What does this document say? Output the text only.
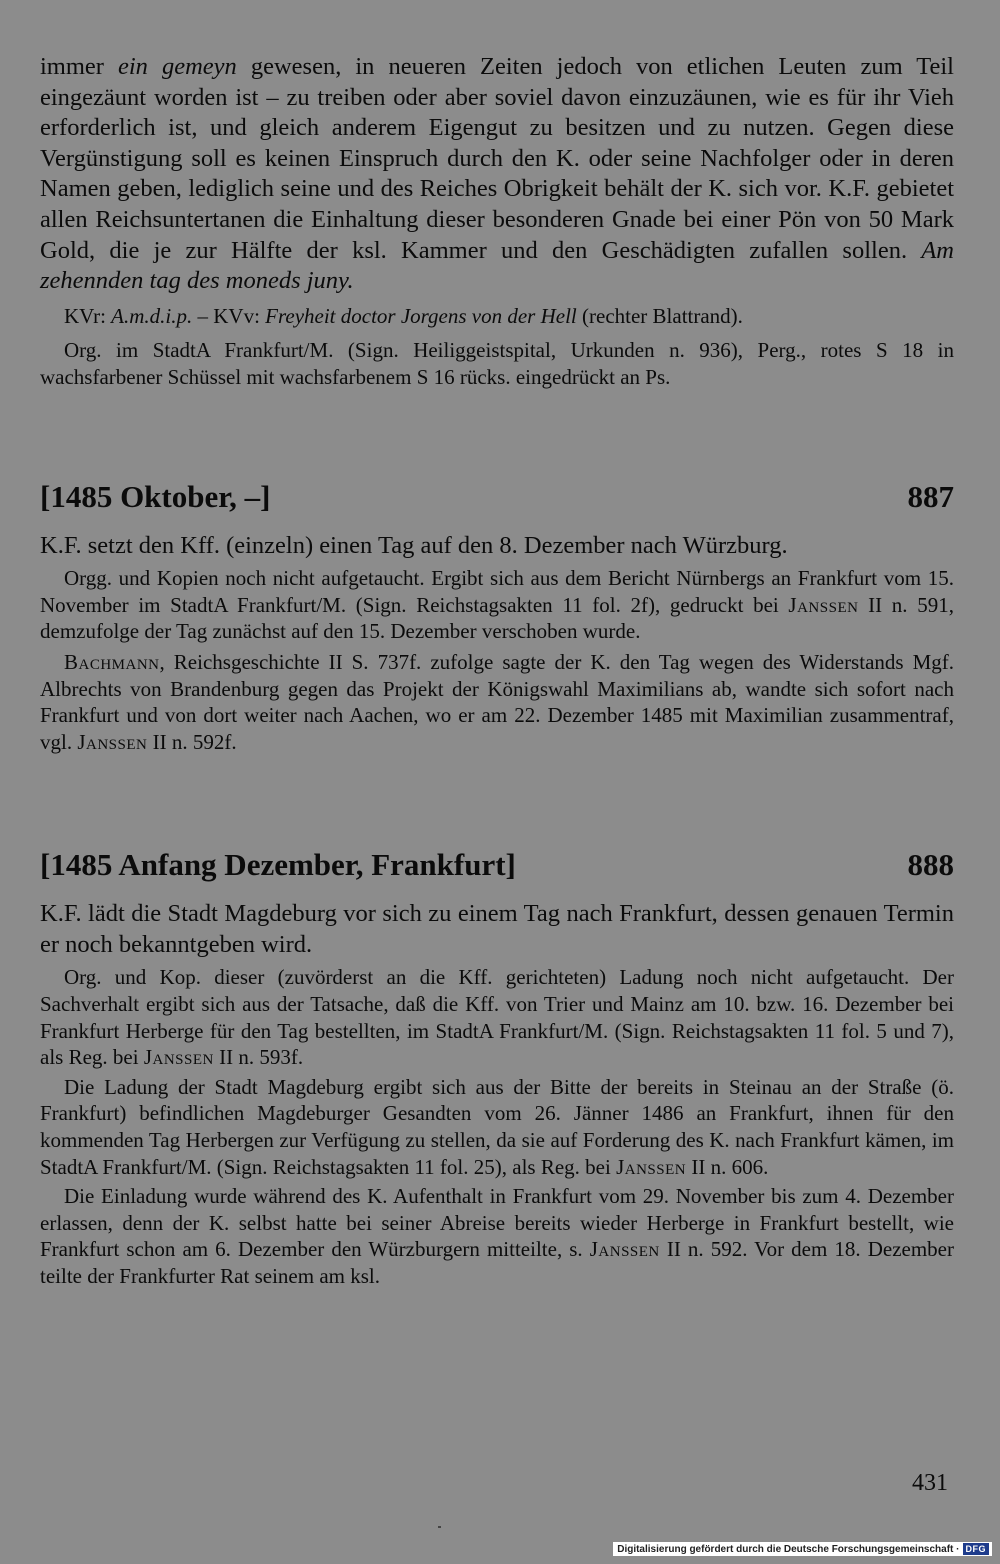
immer ein gemeyn gewesen, in neueren Zeiten jedoch von etlichen Leuten zum Teil eingezäunt worden ist – zu treiben oder aber soviel davon einzuzäunen, wie es für ihr Vieh erforderlich ist, und gleich anderem Eigengut zu besitzen und zu nutzen. Gegen diese Vergünstigung soll es keinen Einspruch durch den K. oder seine Nachfolger oder in deren Namen geben, lediglich seine und des Reiches Obrigkeit behält der K. sich vor. K.F. gebietet allen Reichsuntertanen die Einhaltung dieser besonderen Gnade bei einer Pön von 50 Mark Gold, die je zur Hälfte der ksl. Kammer und den Geschädigten zufallen sollen. Am zehennden tag des moneds juny.

KVr: A.m.d.i.p. – KVv: Freyheit doctor Jorgens von der Hell (rechter Blattrand).

Org. im StadtA Frankfurt/M. (Sign. Heiliggeistspital, Urkunden n. 936), Perg., rotes S 18 in wachsfarbener Schüssel mit wachsfarbenem S 16 rücks. eingedrückt an Ps.

[1485 Oktober, –]	887

K.F. setzt den Kff. (einzeln) einen Tag auf den 8. Dezember nach Würzburg.

Orgg. und Kopien noch nicht aufgetaucht. Ergibt sich aus dem Bericht Nürnbergs an Frankfurt vom 15. November im StadtA Frankfurt/M. (Sign. Reichstagsakten 11 fol. 2f), gedruckt bei Janssen II n. 591, demzufolge der Tag zunächst auf den 15. Dezember verschoben wurde.

Bachmann, Reichsgeschichte II S. 737f. zufolge sagte der K. den Tag wegen des Widerstands Mgf. Albrechts von Brandenburg gegen das Projekt der Königswahl Maximilians ab, wandte sich sofort nach Frankfurt und von dort weiter nach Aachen, wo er am 22. Dezember 1485 mit Maximilian zusammentraf, vgl. Janssen II n. 592f.

[1485 Anfang Dezember, Frankfurt]	888

K.F. lädt die Stadt Magdeburg vor sich zu einem Tag nach Frankfurt, dessen genauen Termin er noch bekanntgeben wird.

Org. und Kop. dieser (zuvörderst an die Kff. gerichteten) Ladung noch nicht aufgetaucht. Der Sachverhalt ergibt sich aus der Tatsache, daß die Kff. von Trier und Mainz am 10. bzw. 16. Dezember bei Frankfurt Herberge für den Tag bestellten, im StadtA Frankfurt/M. (Sign. Reichstagsakten 11 fol. 5 und 7), als Reg. bei Janssen II n. 593f.

Die Ladung der Stadt Magdeburg ergibt sich aus der Bitte der bereits in Steinau an der Straße (ö. Frankfurt) befindlichen Magdeburger Gesandten vom 26. Jänner 1486 an Frankfurt, ihnen für den kommenden Tag Herbergen zur Verfügung zu stellen, da sie auf Forderung des K. nach Frankfurt kämen, im StadtA Frankfurt/M. (Sign. Reichstagsakten 11 fol. 25), als Reg. bei Janssen II n. 606.

Die Einladung wurde während des K. Aufenthalt in Frankfurt vom 29. November bis zum 4. Dezember erlassen, denn der K. selbst hatte bei seiner Abreise bereits wieder Herberge in Frankfurt bestellt, wie Frankfurt schon am 6. Dezember den Würzburgern mitteilte, s. Janssen II n. 592. Vor dem 18. Dezember teilte der Frankfurter Rat seinem am ksl.

431
Digitalisierung gefördert durch die Deutsche Forschungsgemeinschaft · DFG
